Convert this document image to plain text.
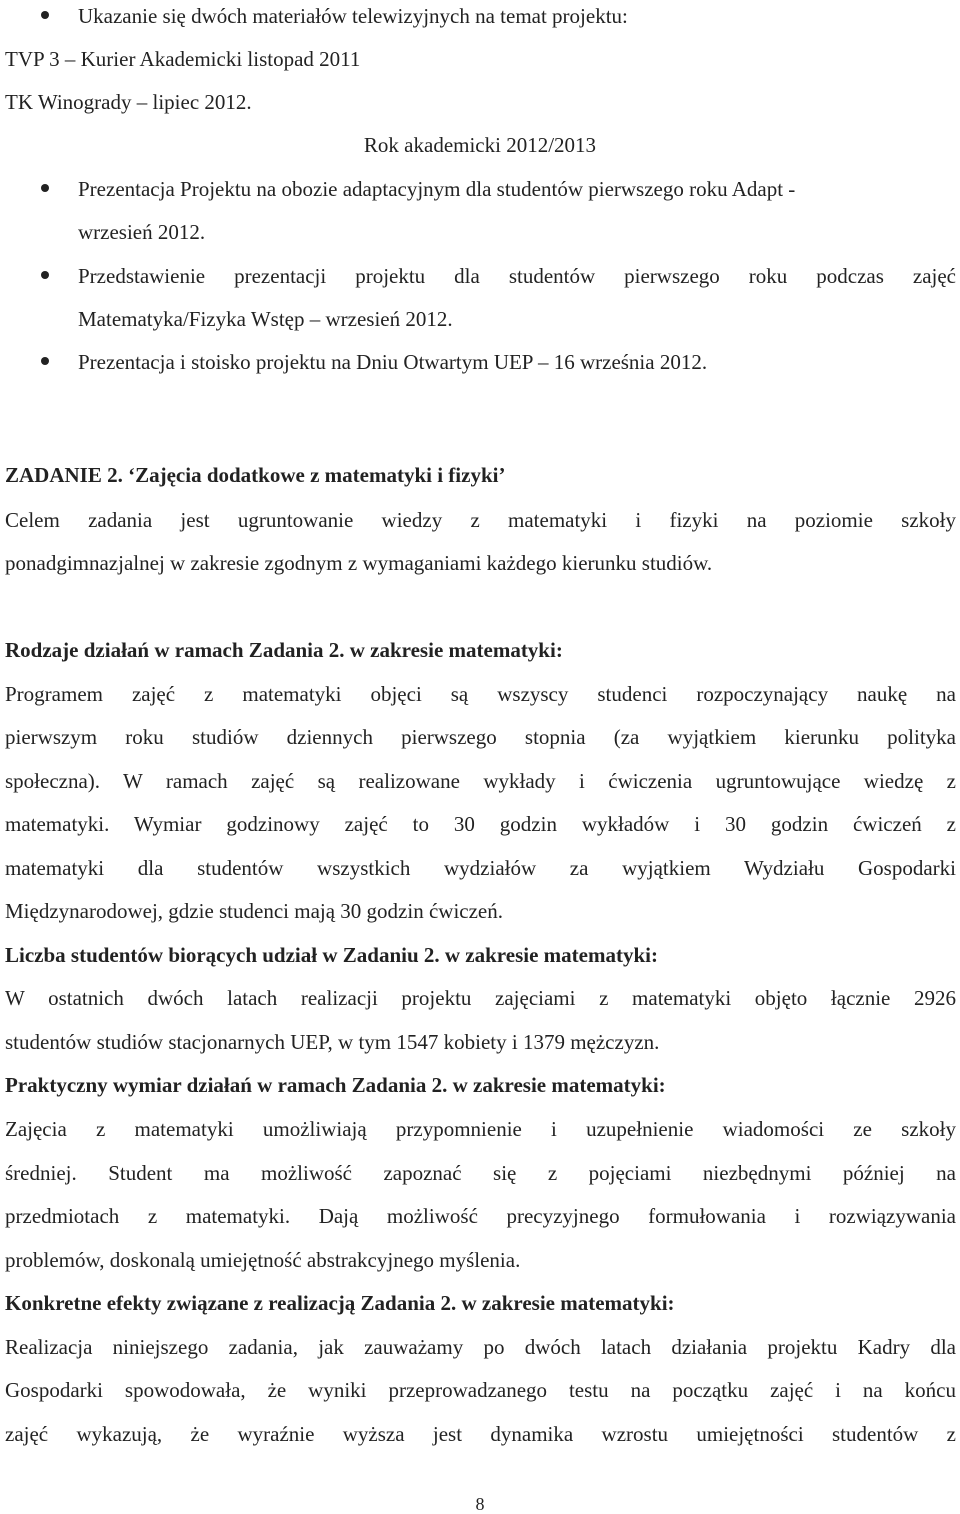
Ukazanie się dwóch materiałów telewizyjnych na temat projektu:
TVP 3 – Kurier Akademicki listopad 2011
TK Winogrady – lipiec 2012.
Rok akademicki 2012/2013
Prezentacja Projektu na obozie adaptacyjnym dla studentów pierwszego roku Adapt -
wrzesień 2012.
Przedstawienie prezentacji projektu dla studentów pierwszego roku podczas zajęć
Matematyka/Fizyka Wstęp – wrzesień 2012.
Prezentacja i stoisko projektu na Dniu Otwartym UEP – 16 września 2012.
ZADANIE 2. ‘Zajęcia dodatkowe z matematyki i fizyki’
Celem zadania jest ugruntowanie wiedzy z matematyki i fizyki na poziomie szkoły
ponadgimnazjalnej w zakresie zgodnym z wymaganiami każdego kierunku studiów.
Rodzaje działań w ramach Zadania 2. w zakresie matematyki:
Programem zajęć z matematyki objęci są wszyscy studenci rozpoczynający naukę na
pierwszym roku studiów dziennych pierwszego stopnia (za wyjątkiem kierunku polityka
społeczna). W ramach zajęć są realizowane wykłady i ćwiczenia ugruntowujące wiedzę z
matematyki. Wymiar godzinowy zajęć to 30 godzin wykładów i 30 godzin ćwiczeń z
matematyki dla studentów wszystkich wydziałów za wyjątkiem Wydziału Gospodarki
Międzynarodowej, gdzie studenci mają 30 godzin ćwiczeń.
Liczba studentów biorących udział w Zadaniu 2. w zakresie matematyki:
W ostatnich dwóch latach realizacji projektu zajęciami z matematyki objęto łącznie 2926
studentów studiów stacjonarnych UEP, w tym 1547 kobiety i 1379 mężczyzn.
Praktyczny wymiar działań w ramach Zadania 2. w zakresie matematyki:
Zajęcia z matematyki umożliwiają przypomnienie i uzupełnienie wiadomości ze szkoły
średniej. Student ma możliwość zapoznać się z pojęciami niezbędnymi później na
przedmiotach z matematyki. Dają możliwość precyzyjnego formułowania i rozwiązywania
problemów, doskonalą umiejętność abstrakcyjnego myślenia.
Konkretne efekty związane z realizacją Zadania 2. w zakresie matematyki:
Realizacja niniejszego zadania, jak zauważamy po dwóch latach działania projektu Kadry dla
Gospodarki spowodowała, że wyniki przeprowadzanego testu na początku zajęć i na końcu
zajęć wykazują, że wyraźnie wyższa jest dynamika wzrostu umiejętności studentów z
8
